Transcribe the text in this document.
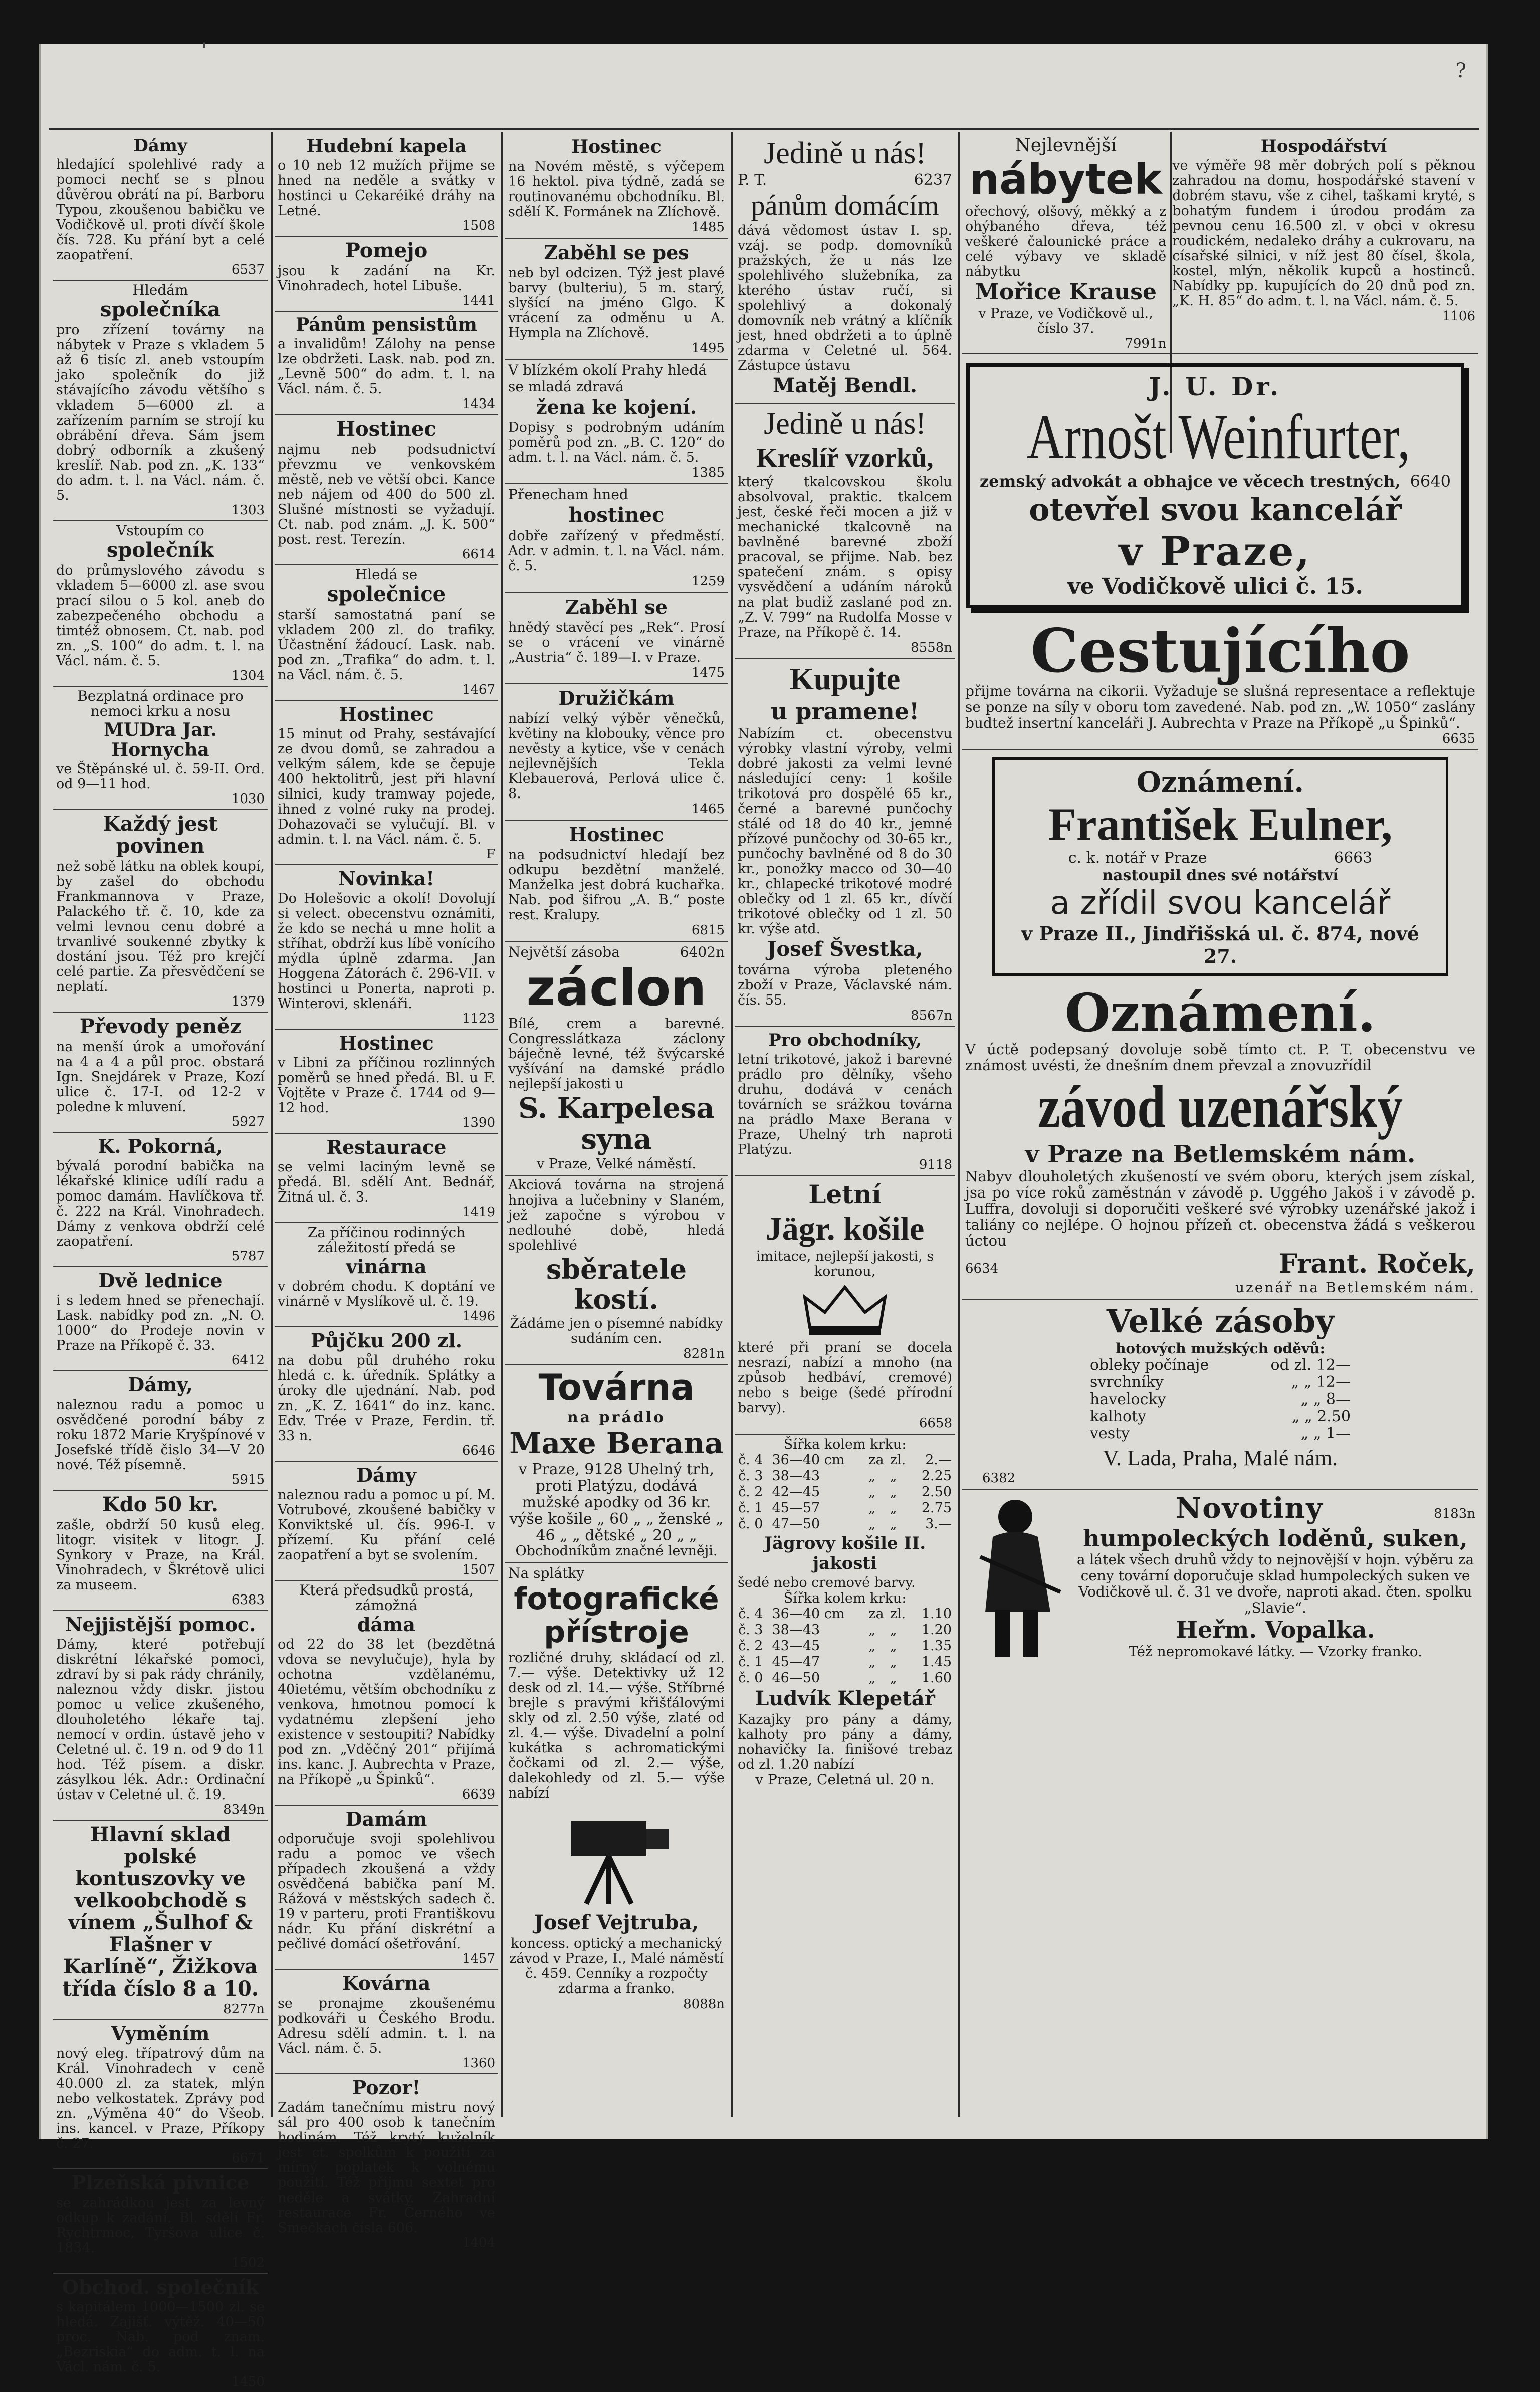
?
'
Dámy

hledající spolehlivé rady a pomoci nechť se s plnou důvěrou obrátí na pí. Barboru Typou, zkoušenou babičku ve Vodičkově ul. proti dívčí škole čís. 728. Ku přání byt a celé zaopatření.

6537
Hledám
společníka

pro zřízení továrny na nábytek v Praze s vkladem 5 až 6 tisíc zl. aneb vstoupím jako společník do již stávajícího závodu většího s vkladem 5—6000 zl. a zařízením parním se strojí ku obrábění dřeva. Sám jsem dobrý odborník a zkušený kreslíř. Nab. pod zn. „K. 133“ do adm. t. l. na Václ. nám. č. 5.

1303
Vstoupím co
společník

do průmyslového závodu s vkladem 5—6000 zl. ase svou prací silou o 5 kol. aneb do zabezpečeného obchodu a timtéž obnosem. Ct. nab. pod zn. „S. 100“ do adm. t. l. na Václ. nám. č. 5.

1304
Bezplatná ordinace pro nemoci krku a nosu
MUDra Jar. Hornycha

ve Štěpánské ul. č. 59-II. Ord. od 9—11 hod.

1030
Každý jest povinen

než sobě látku na oblek koupí, by zašel do obchodu Frankmannova v Praze, Palackého tř. č. 10, kde za velmi levnou cenu dobré a trvanlivé soukenné zbytky k dostání jsou. Též pro krejčí celé partie. Za přesvědčení se neplatí.

1379
Převody peněz

na menší úrok a umořování na 4 a 4 a půl proc. obstará Ign. Snejdárek v Praze, Kozí ulice č. 17-I. od 12-2 v poledne k mluvení.

5927
K. Pokorná,

bývalá porodní babička na lékařské klinice udílí radu a pomoc damám. Havlíčkova tř. č. 222 na Král. Vinohradech. Dámy z venkova obdrží celé zaopatření.

5787
Dvě lednice

i s ledem hned se přenechají. Lask. nabídky pod zn. „N. O. 1000“ do Prodeje novin v Praze na Příkopě č. 33.

6412
Dámy,

naleznou radu a pomoc u osvědčené porodní báby z roku 1872 Marie Kryšpínové v Josefské třídě čislo 34—V 20 nové. Též písemně.

5915
Kdo 50 kr.

zašle, obdrží 50 kusů eleg. litogr. visitek v litogr. J. Synkory v Praze, na Král. Vinohradech, v Škrétově ulici za museem.

6383
Nejjistější pomoc.

Dámy, které potřebují diskrétní lékařské pomoci, zdraví by si pak rády chránily, naleznou vždy diskr. jistou pomoc u velice zkušeného, dlouholetého lékaře taj. nemocí v ordin. ústavě jeho v Celetné ul. č. 19 n. od 9 do 11 hod. Též písem. a diskr. zásylkou lék. Adr.: Ordinační ústav v Celetné ul. č. 19.

8349n
Hlavní sklad polské kontuszovky ve velkoobchodě s vínem „Šulhof & Flašner v Karlíně“, Žižkova třída číslo 8 a 10.
8277n
Vyměním

nový eleg. třípatrový dům na Král. Vinohradech v ceně 40.000 zl. za statek, mlýn nebo velkostatek. Zprávy pod zn. „Výměna 40“ do Všeob. ins. kancel. v Praze, Příkopy č. 27.

6671
Plzeňská pivnice

se zahrádkou jest za levný odkup k zadání. Bl. sdělí Fr. Rychtrmoc, Tyršova ulice č. 1834.

1502
Obchod. společník

s kapitálem 1000—1500 zl. se hledá. Zajišť. výtěž. 40—50 proc. Nab. pod znam. „Bezriskia“ do adm. t. l. na Václ. nám. č. 5.

1450
Hudební kapela

o 10 neb 12 mužích přijme se hned na neděle a svátky v hostinci u Cekaréiké dráhy na Letné.

1508
Pomejo

jsou k zadání na Kr. Vinohradech, hotel Libuše.

1441
Pánům pensistům

a invalidům! Zálohy na pense lze obdržeti. Lask. nab. pod zn. „Levně 500“ do adm. t. l. na Václ. nám. č. 5.

1434
Hostinec

najmu neb podsudnictví převzmu ve venkovském městě, neb ve větší obci. Kance neb nájem od 400 do 500 zl. Slušné místnosti se vyžadují. Ct. nab. pod znám. „J. K. 500“ post. rest. Terezín.

6614
Hledá se
společnice

starší samostatná paní se vkladem 200 zl. do trafiky. Účastnění žádoucí. Lask. nab. pod zn. „Trafika“ do adm. t. l. na Václ. nám. č. 5.

1467
Hostinec

15 minut od Prahy, sestávající ze dvou domů, se zahradou a velkým sálem, kde se čepuje 400 hektolitrů, jest při hlavní silnici, kudy tramway pojede, ihned z volné ruky na prodej. Dohazovači se vylučují. Bl. v admin. t. l. na Václ. nám. č. 5.

F
Novinka!

Do Holešovic a okolí! Dovolují si velect. obecenstvu oznámiti, že kdo se nechá u mne holit a stříhat, obdrží kus líbě vonícího mýdla úplně zdarma. Jan Hoggena Zátorách č. 296-VII. v hostinci u Ponerta, naproti p. Winterovi, sklenáři.

1123
Hostinec

v Libni za příčinou rozlinných poměrů se hned předá. Bl. u F. Vojtěte v Praze č. 1744 od 9—12 hod.

1390
Restaurace

se velmi laciným levně se předá. Bl. sdělí Ant. Bednář, Žitná ul. č. 3.

1419
Za příčinou rodinných záležitostí předá se
vinárna

v dobrém chodu. K doptání ve vinárně v Myslíkově ul. č. 19.

1496
Půjčku 200 zl.

na dobu půl druhého roku hledá c. k. úředník. Splátky a úroky dle ujednání. Nab. pod zn. „K. Z. 1641“ do inz. kanc. Edv. Trée v Praze, Ferdin. tř. 33 n.

6646
Dámy

naleznou radu a pomoc u pí. M. Votrubové, zkoušené babičky v Konviktské ul. čís. 996-I. v přízemí. Ku přání celé zaopatření a byt se svolením.

1507
Která předsudků prostá, zámožná
dáma

od 22 do 38 let (bezdětná vdova se nevylučuje), hyla by ochotna vzdělanému, 40ietému, větším obchodníku z venkova, hmotnou pomocí k vydatnému zlepšení jeho existence v sestoupiti? Nabídky pod zn. „Vděčný 201“ přijímá ins. kanc. J. Aubrechta v Praze, na Příkopě „u Špinků“.

6639
Damám

odporučuje svoji spolehlivou radu a pomoc ve všech případech zkoušená a vždy osvědčená babička paní M. Rážová v městských sadech č. 19 v parteru, proti Františkovu nádr. Ku přání diskrétní a pečlivé domácí ošetřování.

1457
Kovárna

se pronajme zkoušenému podkováři u Českého Brodu. Adresu sdělí admin. t. l. na Václ. nám. č. 5.

1360
Pozor!

Zadám tanečnímu mistru nový sál pro 400 osob k tanečním hodinám. Též krytý kuželník jest ct. spolkům k použití za mírný poplatek k volnému použití. Též přijmu sextet pro neděle a svátky. Zahradní restaurace Fr. Černého ve Smečkách čísla 606.

1404
Hostinec

na Novém městě, s výčepem 16 hektol. piva týdně, zadá se routinovanému obchodníku. Bl. sdělí K. Formánek na Zlíchově.

1485
Zaběhl se pes

neb byl odcizen. Týž jest plavé barvy (bulteriu), 5 m. starý, slyšící na jméno Glgo. K vrácení za odměnu u A. Hympla na Zlíchově.

1495
V blízkém okolí Prahy hledá se mladá zdravá
žena ke kojení.

Dopisy s podrobným udáním poměrů pod zn. „B. C. 120“ do adm. t. l. na Václ. nám. č. 5.

1385
Přenecham hned
hostinec

dobře zařízený v předměstí. Adr. v admin. t. l. na Václ. nám. č. 5.

1259
Zaběhl se

hnědý stavěcí pes „Rek“. Prosí se o vrácení ve vinárně „Austria“ č. 189—I. v Praze.

1475
Družičkám

nabízí velký výběr věnečků, květiny na klobouky, věnce pro nevěsty a kytice, vše v cenách nejlevnějších Tekla Klebauerová, Perlová ulice č. 8.

1465
Hostinec

na podsudnictví hledají bez odkupu bezdětní manželé. Manželka jest dobrá kuchařka. Nab. pod šifrou „A. B.“ poste rest. Kralupy.

6815
Největší zásoba	6402n
záclon

Bílé, crem a barevné. Congresslátkaza záclony báječně levné, též švýcarské vyšívání na damské prádlo nejlepší jakosti u

S. Karpelesa syna

v Praze, Velké náměstí.

Akciová továrna na strojená hnojiva a lučebniny v Slaném, jež započne s výrobou v nedlouhé době, hledá spolehlivé

sběratele kostí.

Žádáme jen o písemné nabídky sudáním cen.

8281n
Továrna
na prádlo
Maxe Berana

v Praze, 9128 Uhelný trh, proti Platýzu, dodává mužské apodky od 36 kr. výše košile „ 60 „ „ ženské „ 46 „ „ dětské „ 20 „ „

Obchodníkům značné levněji.

Na splátky
fotografické přístroje

rozličné druhy, skládací od zl. 7.— výše. Detektivky už 12 desk od zl. 14.— výše. Stříbrné brejle s pravými křišťálovými skly od zl. 2.50 výše, zlaté od zl. 4.— výše. Divadelní a polní kukátka s achromatickými čočkami od zl. 2.— výše, dalekohledy od zl. 5.— výše nabízí

Josef Vejtruba,

koncess. optický a mechanický závod v Praze, I., Malé náměstí č. 459. Cenníky a rozpočty zdarma a franko.

8088n
Jedině u nás!
P. T.	6237
pánům domácím

dává vědomost ústav I. sp. vzáj. se podp. domovníků pražských, že u nás lze spolehlivého služebníka, za kterého ústav ručí, si spolehlivý a dokonalý domovník neb vrátný a klíčník jest, hned obdržeti a to úplně zdarma v Celetné ul. 564. Zástupce ústavu

Matěj Bendl.
Jedině u nás!
Kreslíř vzorků,

který tkalcovskou školu absolvoval, praktic. tkalcem jest, české řeči mocen a již v mechanické tkalcovně na bavlněné barevné zboží pracoval, se přijme. Nab. bez spatečení znám. s opisy vysvědčení a udáním nároků na plat budiž zaslané pod zn. „Z. V. 799“ na Rudolfa Mosse v Praze, na Příkopě č. 14.

8558n
Kupujte
u pramene!

Nabízím ct. obecenstvu výrobky vlastní výroby, velmi dobré jakosti za velmi levné následující ceny: 1 košile trikotová pro dospělé 65 kr., černé a barevné punčochy stálé od 18 do 40 kr., jemné přízové punčochy od 30-65 kr., punčochy bavlněné od 8 do 30 kr., ponožky macco od 30—40 kr., chlapecké trikotové modré oblečky od 1 zl. 65 kr., dívčí trikotové oblečky od 1 zl. 50 kr. výše atd.

Josef Švestka,

továrna výroba pleteného zboží v Praze, Václavské nám. čís. 55.

8567n
Pro obchodníky,

letní trikotové, jakož i barevné prádlo pro dělníky, všeho druhu, dodává v cenách továrních se srážkou továrna na prádlo Maxe Berana v Praze, Uhelný trh naproti Platýzu.

9118
Letní
Jägr. košile

imitace, nejlepší jakosti, s korunou,

které při praní se docela nesrazí, nabízí a mnoho (na způsob hedbáví, cremové) nebo s beige (šedé přírodní barvy).

6658
Šířka kolem krku:
č. 4	36—40 cm	za	zl.	2.—
č. 3	38—43	„	„	2.25
č. 2	42—45	„	„	2.50
č. 1	45—57	„	„	2.75
č. 0	47—50	„	„	3.—
Jägrovy košile II. jakosti

šedé nebo cremové barvy.

Šířka kolem krku:
č. 4	36—40 cm	za	zl.	1.10
č. 3	38—43	„	„	1.20
č. 2	43—45	„	„	1.35
č. 1	45—47	„	„	1.45
č. 0	46—50	„	„	1.60
Ludvík Klepetář

Kazajky pro pány a dámy, kalhoty pro pány a dámy, nohavičky Ia. finišové trebaz od zl. 1.20 nabízí

v Praze, Celetná ul. 20 n.

Nejlevnější
nábytek

ořechový, olšový, měkký a z ohýbaného dřeva, též veškeré čalounické práce a celé výbavy ve skladě nábytku

Mořice Krause

v Praze, ve Vodičkově ul., číslo 37.

7991n
Hospodářství

ve výměře 98 měr dobrých polí s pěknou zahradou na domu, hospodářské stavení v dobrém stavu, vše z cihel, taškami kryté, s bohatým fundem i úrodou prodám za pevnou cenu 16.500 zl. v obci v okresu roudickém, nedaleko dráhy a cukrovaru, na císařské silnici, v níž jest 80 čísel, škola, kostel, mlýn, několik kupců a hostinců. Nabídky pp. kupujících do 20 dnů pod zn. „K. H. 85“ do adm. t. l. na Václ. nám. č. 5.

1106
J. U. Dr.
Arnošt Weinfurter,
zemský advokát a obhajce ve věcech trestných, 6640
otevřel svou kancelář
v Praze,
ve Vodičkově ulici č. 15.
Cestujícího

přijme továrna na cikorii. Vyžaduje se slušná representace a reflektuje se ponze na síly v oboru tom zavedené. Nab. pod zn. „W. 1050“ zaslány budtež insertní kanceláři J. Aubrechta v Praze na Příkopě „u Špinků“.

6635
Oznámení.
František Eulner,
c. k. notář v Praze	6663
nastoupil dnes své notářství
a zřídil svou kancelář
v Praze II., Jindřišská ul. č. 874, nové 27.
Oznámení.

V úctě podepsaný dovoluje sobě tímto ct. P. T. obecenstvu ve známost uvésti, že dnešním dnem převzal a znovuzřídil

závod uzenářský
v Praze na Betlemském nám.

Nabyv dlouholetých zkušeností ve svém oboru, kterých jsem získal, jsa po více roků zaměstnán v závodě p. Uggého Jakoš i v závodě p. Luffra, dovoluji si doporučiti veškeré své výrobky uzenářské jakož i taliány co nejlépe. O hojnou přízeň ct. obecenstva žádá s veškerou úctou

6634	Frant. Roček,
uzenář na Betlemském nám.
Velké zásoby
hotových mužských oděvů:
obleky počínaje	od zl. 12—
svrchníky	„ „ 12—
havelocky	„ „ 8—
kalhoty	„ „ 2.50
vesty	„ „ 1—
V. Lada, Praha, Malé nám.
6382
Novotiny	8183n
humpoleckých loděnů, suken,

a látek všech druhů vždy to nejnovější v hojn. výběru za ceny tovární doporučuje sklad humpoleckých suken ve Vodičkově ul. č. 31 ve dvoře, naproti akad. čten. spolku „Slavie“.

Heřm. Vopalka.
Též nepromokavé látky. — Vzorky franko.
